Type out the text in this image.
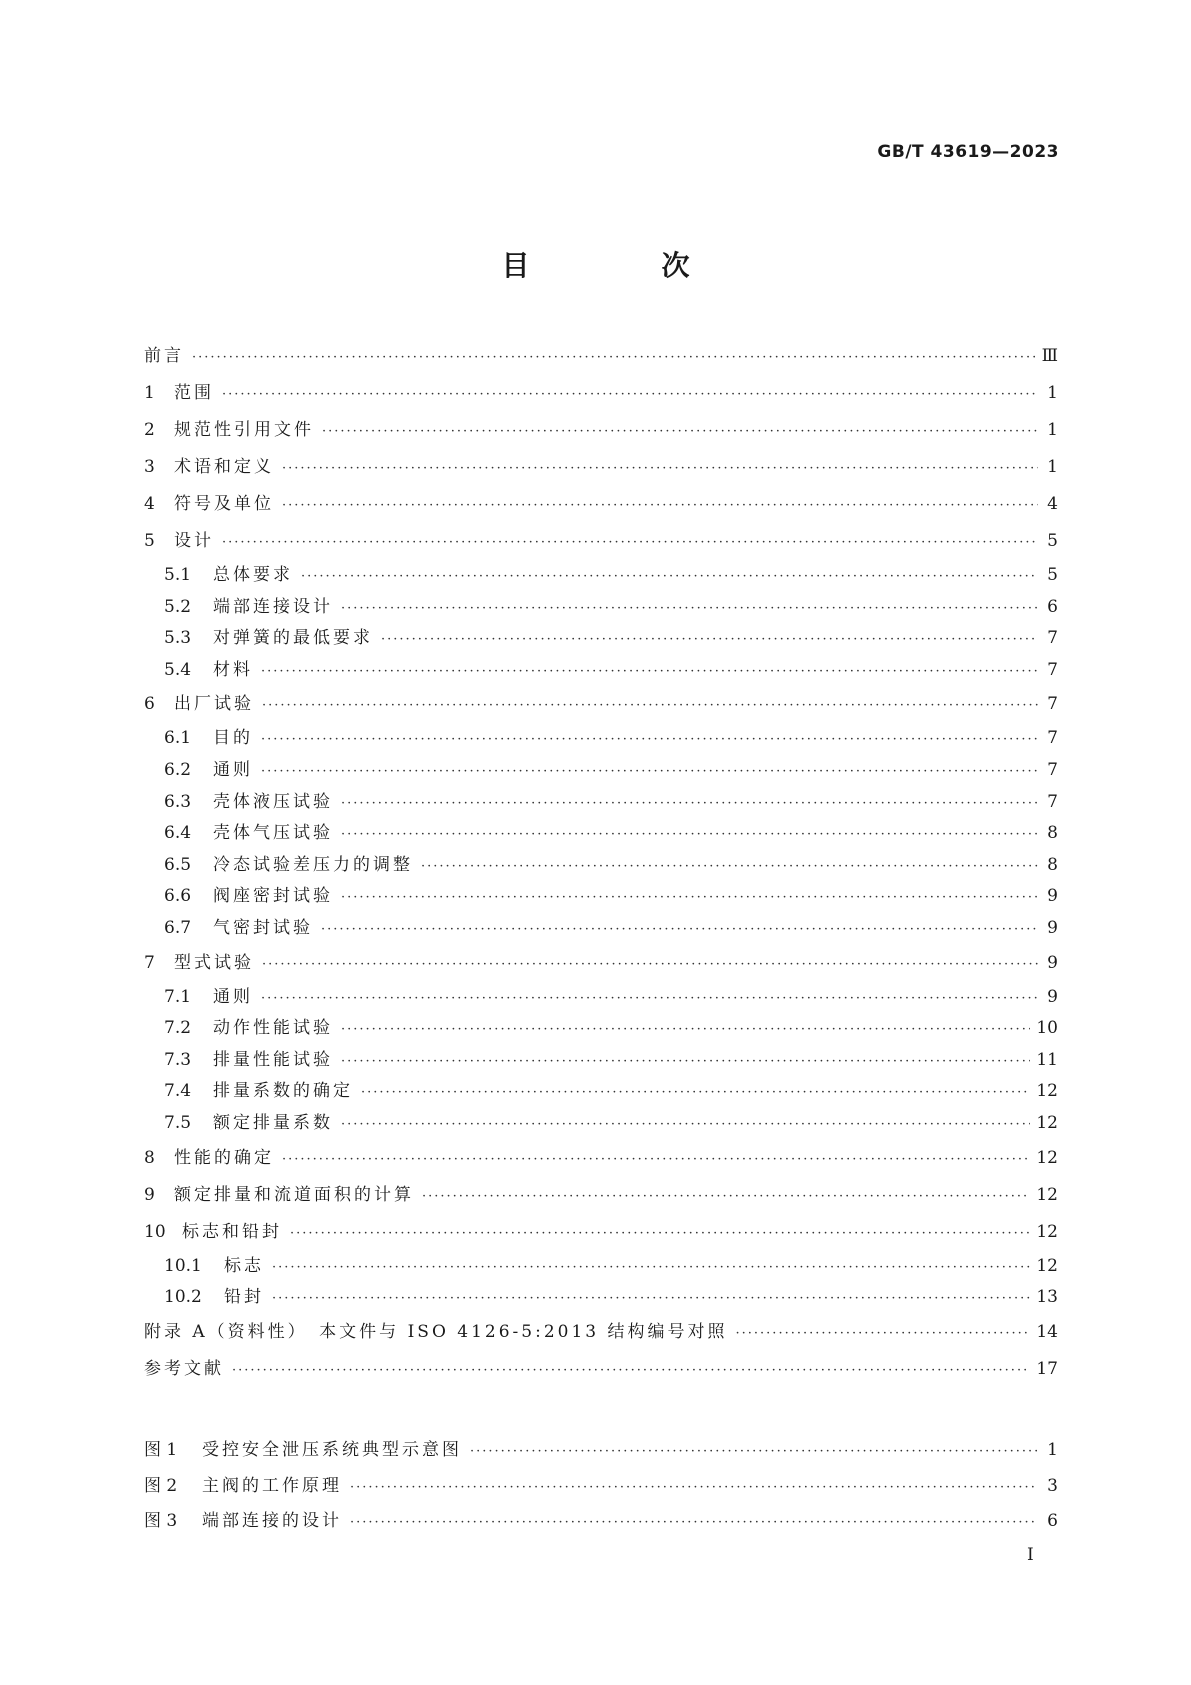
GB/T 43619—2023
目　次
前言 ·····	Ⅲ
1	范围 ·····	1
2	规范性引用文件 ·····	1
3	术语和定义 ·····	1
4	符号及单位 ·····	4
5	设计 ·····	5
5.1	总体要求 ·····	5
5.2	端部连接设计 ·····	6
5.3	对弹簧的最低要求 ·····	7
5.4	材料 ·····	7
6	出厂试验 ·····	7
6.1	目的 ·····	7
6.2	通则 ·····	7
6.3	壳体液压试验 ·····	7
6.4	壳体气压试验 ·····	8
6.5	冷态试验差压力的调整 ·····	8
6.6	阀座密封试验 ·····	9
6.7	气密封试验 ·····	9
7	型式试验 ·····	9
7.1	通则 ·····	9
7.2	动作性能试验 ·····	10
7.3	排量性能试验 ·····	11
7.4	排量系数的确定 ·····	12
7.5	额定排量系数 ·····	12
8	性能的确定 ·····	12
9	额定排量和流道面积的计算 ·····	12
10 标志和铅封 ·····	12
10.1	标志 ·····	12
10.2	铅封 ·····	13
附录 A（资料性）　本文件与 ISO 4126-5:2013 结构编号对照 ·····	14
参考文献 ·····	17
图 1	受控安全泄压系统典型示意图 ·····	1
图 2	主阀的工作原理 ·····	3
图 3	端部连接的设计 ·····	6
I
